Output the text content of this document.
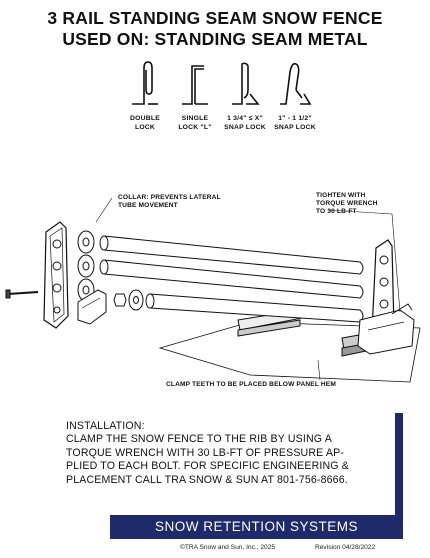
3 RAIL STANDING SEAM SNOW FENCE
USED ON: STANDING SEAM METAL
DOUBLE
LOCK
SINGLE
LOCK "L"
1 3/4" ≤ X"
SNAP LOCK
1" - 1 1/2"
SNAP LOCK
COLLAR: PREVENTS LATERAL
TUBE MOVEMENT
TIGHTEN WITH
TORQUE WRENCH
TO 30 LB-FT
CLAMP TEETH TO BE PLACED BELOW PANEL HEM
INSTALLATION:
CLAMP THE SNOW FENCE TO THE RIB BY USING A TORQUE WRENCH WITH 30 LB-FT OF PRESSURE AP-PLIED TO EACH BOLT. FOR SPECIFIC ENGINEERING & PLACEMENT CALL TRA SNOW & SUN AT 801-756-8666.
SNOW RETENTION SYSTEMS
©TRA Snow and Sun, Inc., 2025	Revision 04/28/2022
